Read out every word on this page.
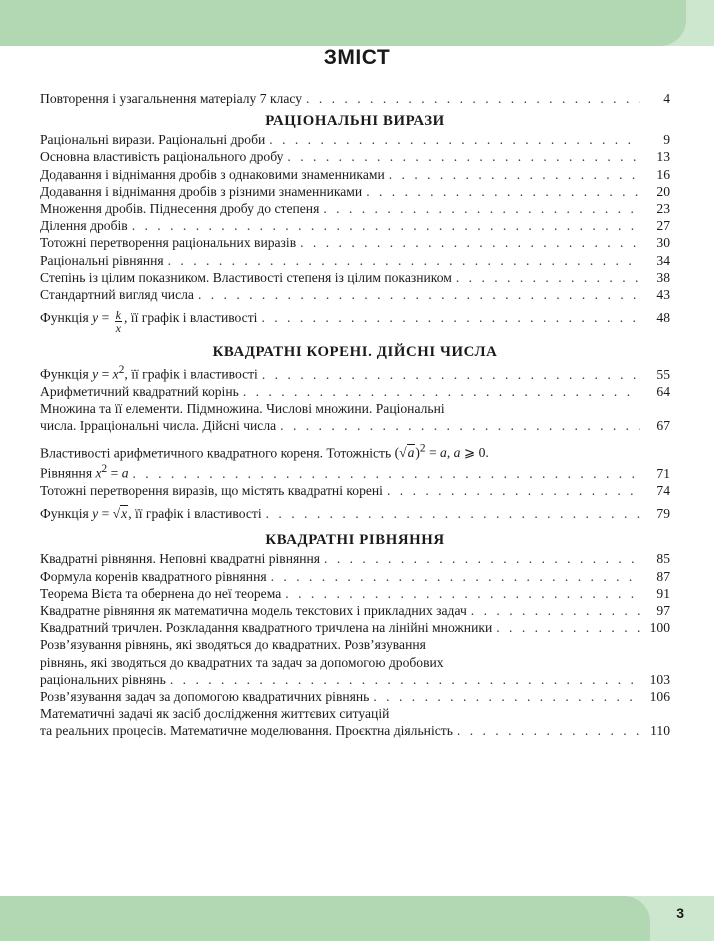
3
ЗМІСТ
Повторення і узагальнення матеріалу 7 класу . . .	4
РАЦІОНАЛЬНІ ВИРАЗИ
Раціональні вирази. Раціональні дроби . . .	9
Основна властивість раціонального дробу . . .	13
Додавання і віднімання дробів з однаковими знаменниками . . .	16
Додавання і віднімання дробів з різними знаменниками . . .	20
Множення дробів. Піднесення дробу до степеня . . .	23
Ділення дробів . . .	27
Тотожні перетворення раціональних виразів . . .	30
Раціональні рівняння . . .	34
Степінь із цілим показником. Властивості степеня із цілим показником . . .	38
Стандартний вигляд числа . . .	43
Функція $y = \frac{k}{x}$ , її графік і властивості . . .	48
КВАДРАТНІ КОРЕНІ. ДІЙСНІ ЧИСЛА
Функція $y = x^2$, її графік і властивості . . .	55
Арифметичний квадратний корінь . . .	64
Множина та її елементи. Підмножина. Числові множини. Раціональні
числа. Ірраціональні числа. Дійсні числа . . .	67
Властивості арифметичного квадратного кореня. Тотожність $(√a)^2 = a$, a ⩾ 0.
Рівняння $x^2 = a$ . . .	71
Тотожні перетворення виразів, що містять квадратні корені . . .	74
Функція y = √x, її графік і властивості . . .	79
КВАДРАТНІ РІВНЯННЯ
Квадратні рівняння. Неповні квадратні рівняння . . .	85
Формула коренів квадратного рівняння . . .	87
Теорема Вієта та обернена до неї теорема . . .	91
Квадратне рівняння як математична модель текстових і прикладних задач . . .	97
Квадратний тричлен. Розкладання квадратного тричлена на лінійні множники . . .	100
Розв’язування рівнянь, які зводяться до квадратних. Розв’язування
рівнянь, які зводяться до квадратних та задач за допомогою дробових
раціональних рівнянь . . .	103
Розв’язування задач за допомогою квадратичних рівнянь . . .	106
Математичні задачі як засіб дослідження життєвих ситуацій
та реальних процесів. Математичне моделювання. Проєктна діяльність . . .	110
